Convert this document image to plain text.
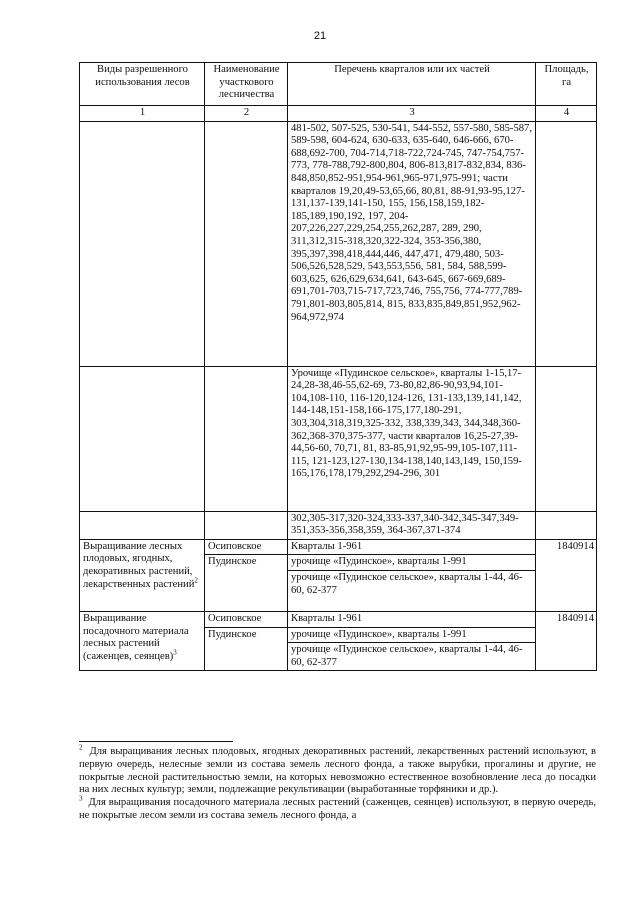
21
Виды разрешенного использования лесов	Наименование участкового лесничества	Перечень кварталов или их частей	Площадь, га
1	2	3	4
		481-502, 507-525, 530-541, 544-552, 557-580, 585-587, 589-598, 604-624, 630-633, 635-640, 646-666, 670-688,692-700, 704-714,718-722,724-745, 747-754,757-773, 778-788,792-800,804, 806-813,817-832,834, 836-848,850,852-951,954-961,965-971,975-991; части кварталов 19,20,49-53,65,66, 80,81, 88-91,93-95,127-131,137-139,141-150, 155, 156,158,159,182-185,189,190,192, 197, 204-207,226,227,229,254,255,262,287, 289, 290, 311,312,315-318,320,322-324, 353-356,380, 395,397,398,418,444,446, 447,471, 479,480, 503-506,526,528,529, 543,553,556, 581, 584, 588,599-603,625, 626,629,634,641, 643-645, 667-669,689-691,701-703,715-717,723,746, 755,756, 774-777,789-791,801-803,805,814, 815, 833,835,849,851,952,962-964,972,974	
		Урочище «Пудинское сельское», кварталы 1-15,17-24,28-38,46-55,62-69, 73-80,82,86-90,93,94,101-104,108-110, 116-120,124-126, 131-133,139,141,142, 144-148,151-158,166-175,177,180-291, 303,304,318,319,325-332, 338,339,343, 344,348,360-362,368-370,375-377, части кварталов 16,25-27,39-44,56-60, 70,71, 81, 83-85,91,92,95-99,105-107,111-115, 121-123,127-130,134-138,140,143,149, 150,159-165,176,178,179,292,294-296, 301	
		302,305-317,320-324,333-337,340-342,345-347,349-351,353-356,358,359, 364-367,371-374	
Выращивание лесных плодовых, ягодных, декоративных растений, лекарственных растений$^2$	Осиповское	Кварталы 1-961	1840914
	Пудинское	урочище «Пудинское», кварталы 1-991	
		урочище «Пудинское сельское», кварталы 1-44, 46-60, 62-377	
Выращивание посадочного материала лесных растений (саженцев, сеянцев)$^3$	Осиповское	Кварталы 1-961	1840914
	Пудинское	урочище «Пудинское», кварталы 1-991	
		урочище «Пудинское сельское», кварталы 1-44, 46-60, 62-377	

$^2$ Для выращивания лесных плодовых, ягодных декоративных растений, лекарственных растений используют, в первую очередь, нелесные земли из состава земель лесного фонда, а также вырубки, прогалины и другие, не покрытые лесной растительностью земли, на которых невозможно естественное возобновление леса до посадки на них лесных культур; земли, подлежащие рекультивации (выработанные торфяники и др.).

$^3$ Для выращивания посадочного материала лесных растений (саженцев, сеянцев) используют, в первую очередь, не покрытые лесом земли из состава земель лесного фонда, а
